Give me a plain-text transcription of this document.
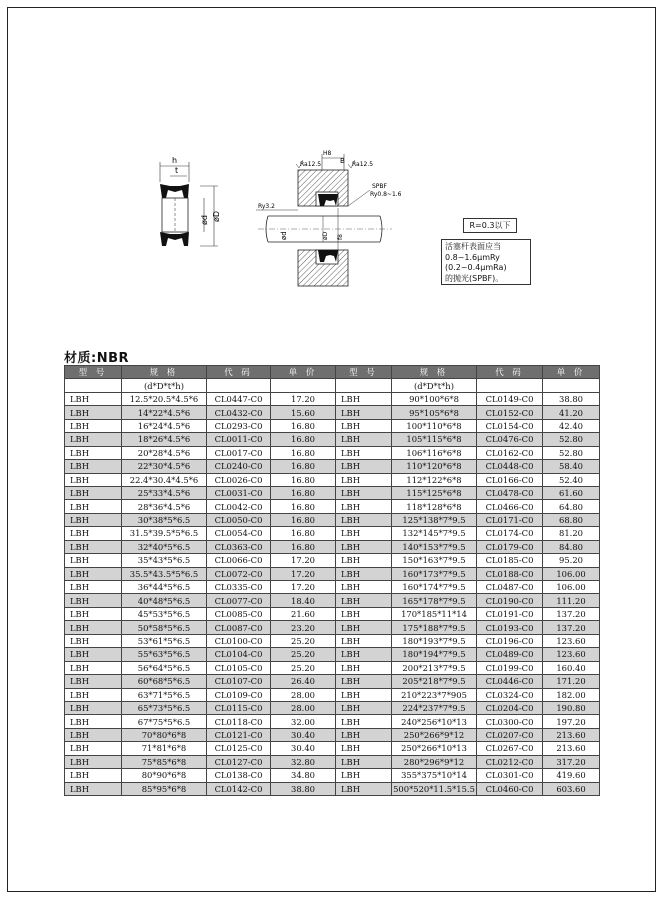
h
t
ød øD
H8
B
Ra12.5	Ra12.5
Ry3.2
SPBF
Ry0.8~1.6
ød	øD f8
R=0.3以下
活塞杆表面应当
0.8~1.6μmRy
(0.2~0.4μmRa)
的抛光(SPBF)。
材质:NBR
型 号	规 格	代 码	单 价	型 号	规 格	代 码	单 价
	(d*D*t*h)				(d*D*t*h)		
LBH	12.5*20.5*4.5*6	CL0447-C0	17.20	LBH	90*100*6*8	CL0149-C0	38.80
LBH	14*22*4.5*6	CL0432-C0	15.60	LBH	95*105*6*8	CL0152-C0	41.20
LBH	16*24*4.5*6	CL0293-C0	16.80	LBH	100*110*6*8	CL0154-C0	42.40
LBH	18*26*4.5*6	CL0011-C0	16.80	LBH	105*115*6*8	CL0476-C0	52.80
LBH	20*28*4.5*6	CL0017-C0	16.80	LBH	106*116*6*8	CL0162-C0	52.80
LBH	22*30*4.5*6	CL0240-C0	16.80	LBH	110*120*6*8	CL0448-C0	58.40
LBH	22.4*30.4*4.5*6	CL0026-C0	16.80	LBH	112*122*6*8	CL0166-C0	52.40
LBH	25*33*4.5*6	CL0031-C0	16.80	LBH	115*125*6*8	CL0478-C0	61.60
LBH	28*36*4.5*6	CL0042-C0	16.80	LBH	118*128*6*8	CL0466-C0	64.80
LBH	30*38*5*6.5	CL0050-C0	16.80	LBH	125*138*7*9.5	CL0171-C0	68.80
LBH	31.5*39.5*5*6.5	CL0054-C0	16.80	LBH	132*145*7*9.5	CL0174-C0	81.20
LBH	32*40*5*6.5	CL0363-C0	16.80	LBH	140*153*7*9.5	CL0179-C0	84.80
LBH	35*43*5*6.5	CL0066-C0	17.20	LBH	150*163*7*9.5	CL0185-C0	95.20
LBH	35.5*43.5*5*6.5	CL0072-C0	17.20	LBH	160*173*7*9.5	CL0188-C0	106.00
LBH	36*44*5*6.5	CL0335-C0	17.20	LBH	160*174*7*9.5	CL0487-C0	106.00
LBH	40*48*5*6.5	CL0077-C0	18.40	LBH	165*178*7*9.5	CL0190-C0	111.20
LBH	45*53*5*6.5	CL0085-C0	21.60	LBH	170*185*11*14	CL0191-C0	137.20
LBH	50*58*5*6.5	CL0087-C0	23.20	LBH	175*188*7*9.5	CL0193-C0	137.20
LBH	53*61*5*6.5	CL0100-C0	25.20	LBH	180*193*7*9.5	CL0196-C0	123.60
LBH	55*63*5*6.5	CL0104-C0	25.20	LBH	180*194*7*9.5	CL0489-C0	123.60
LBH	56*64*5*6.5	CL0105-C0	25.20	LBH	200*213*7*9.5	CL0199-C0	160.40
LBH	60*68*5*6.5	CL0107-C0	26.40	LBH	205*218*7*9.5	CL0446-C0	171.20
LBH	63*71*5*6.5	CL0109-C0	28.00	LBH	210*223*7*905	CL0324-C0	182.00
LBH	65*73*5*6.5	CL0115-C0	28.00	LBH	224*237*7*9.5	CL0204-C0	190.80
LBH	67*75*5*6.5	CL0118-C0	32.00	LBH	240*256*10*13	CL0300-C0	197.20
LBH	70*80*6*8	CL0121-C0	30.40	LBH	250*266*9*12	CL0207-C0	213.60
LBH	71*81*6*8	CL0125-C0	30.40	LBH	250*266*10*13	CL0267-C0	213.60
LBH	75*85*6*8	CL0127-C0	32.80	LBH	280*296*9*12	CL0212-C0	317.20
LBH	80*90*6*8	CL0138-C0	34.80	LBH	355*375*10*14	CL0301-C0	419.60
LBH	85*95*6*8	CL0142-C0	38.80	LBH	500*520*11.5*15.5	CL0460-C0	603.60
